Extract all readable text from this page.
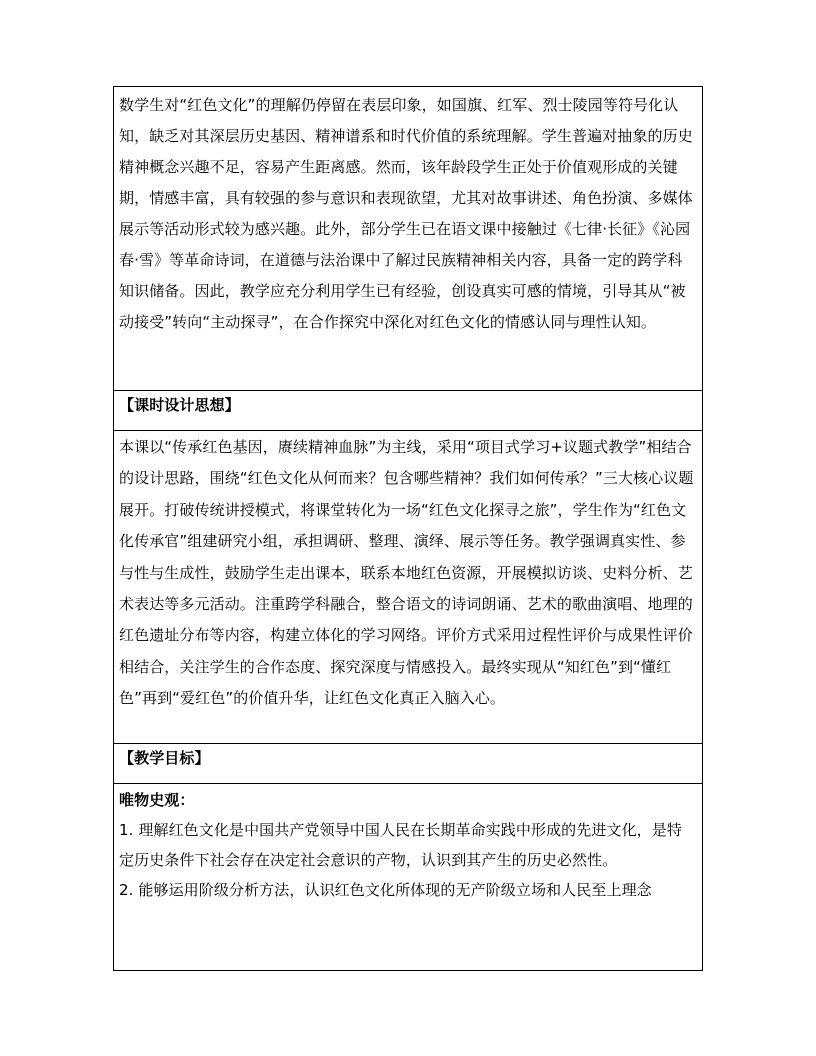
数学生对“红色文化”的理解仍停留在表层印象，如国旗、红军、烈士陵园等符号化认知，缺乏对其深层历史基因、精神谱系和时代价值的系统理解。学生普遍对抽象的历史精神概念兴趣不足，容易产生距离感。然而，该年龄段学生正处于价值观形成的关键期，情感丰富，具有较强的参与意识和表现欲望，尤其对故事讲述、角色扮演、多媒体展示等活动形式较为感兴趣。此外，部分学生已在语文课中接触过《七律·长征》《沁园春·雪》等革命诗词，在道德与法治课中了解过民族精神相关内容，具备一定的跨学科知识储备。因此，教学应充分利用学生已有经验，创设真实可感的情境，引导其从“被动接受”转向“主动探寻”，在合作探究中深化对红色文化的情感认同与理性认知。

【课时设计思想】

本课以“传承红色基因，赓续精神血脉”为主线，采用“项目式学习+议题式教学”相结合的设计思路，围绕“红色文化从何而来？包含哪些精神？我们如何传承？”三大核心议题展开。打破传统讲授模式，将课堂转化为一场“红色文化探寻之旅”，学生作为“红色文化传承官”组建研究小组，承担调研、整理、演绎、展示等任务。教学强调真实性、参与性与生成性，鼓励学生走出课本，联系本地红色资源，开展模拟访谈、史料分析、艺术表达等多元活动。注重跨学科融合，整合语文的诗词朗诵、艺术的歌曲演唱、地理的红色遗址分布等内容，构建立体化的学习网络。评价方式采用过程性评价与成果性评价相结合，关注学生的合作态度、探究深度与情感投入。最终实现从“知红色”到“懂红色”再到“爱红色”的价值升华，让红色文化真正入脑入心。

【教学目标】

唯物史观：
1. 理解红色文化是中国共产党领导中国人民在长期革命实践中形成的先进文化，是特定历史条件下社会存在决定社会意识的产物，认识到其产生的历史必然性。
2. 能够运用阶级分析方法，认识红色文化所体现的无产阶级立场和人民至上理念
